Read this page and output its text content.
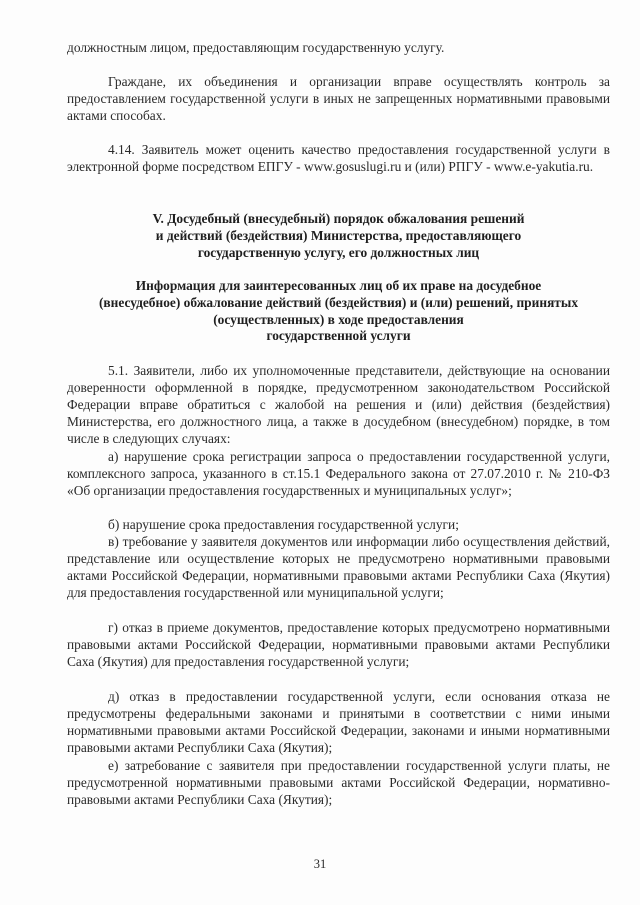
должностным лицом, предоставляющим государственную услугу.

Граждане, их объединения и организации вправе осуществлять контроль за предоставлением государственной услуги в иных не запрещенных нормативными правовыми актами способах.

4.14. Заявитель может оценить качество предоставления государственной услуги в электронной форме посредством ЕПГУ - www.gosuslugi.ru и (или) РПГУ - www.e-yakutia.ru.

V. Досудебный (внесудебный) порядок обжалования решений
и действий (бездействия) Министерства, предоставляющего
государственную услугу, его должностных лиц
Информация для заинтересованных лиц об их праве на досудебное
(внесудебное) обжалование действий (бездействия) и (или) решений, принятых
(осуществленных) в ходе предоставления
государственной услуги

5.1. Заявители, либо их уполномоченные представители, действующие на основании доверенности оформленной в порядке, предусмотренном законодательством Российской Федерации вправе обратиться с жалобой на решения и (или) действия (бездействия) Министерства, его должностного лица, а также в досудебном (внесудебном) порядке, в том числе в следующих случаях:

а) нарушение срока регистрации запроса о предоставлении государственной услуги, комплексного запроса, указанного в ст.15.1 Федерального закона от 27.07.2010 г. № 210-ФЗ «Об организации предоставления государственных и муниципальных услуг»;

б) нарушение срока предоставления государственной услуги;

в) требование у заявителя документов или информации либо осуществления действий, представление или осуществление которых не предусмотрено нормативными правовыми актами Российской Федерации, нормативными правовыми актами Республики Саха (Якутия) для предоставления государственной или муниципальной услуги;

г) отказ в приеме документов, предоставление которых предусмотрено нормативными правовыми актами Российской Федерации, нормативными правовыми актами Республики Саха (Якутия) для предоставления государственной услуги;

д) отказ в предоставлении государственной услуги, если основания отказа не предусмотрены федеральными законами и принятыми в соответствии с ними иными нормативными правовыми актами Российской Федерации, законами и иными нормативными правовыми актами Республики Саха (Якутия);

е) затребование с заявителя при предоставлении государственной услуги платы, не предусмотренной нормативными правовыми актами Российской Федерации, нормативно-правовыми актами Республики Саха (Якутия);

31
